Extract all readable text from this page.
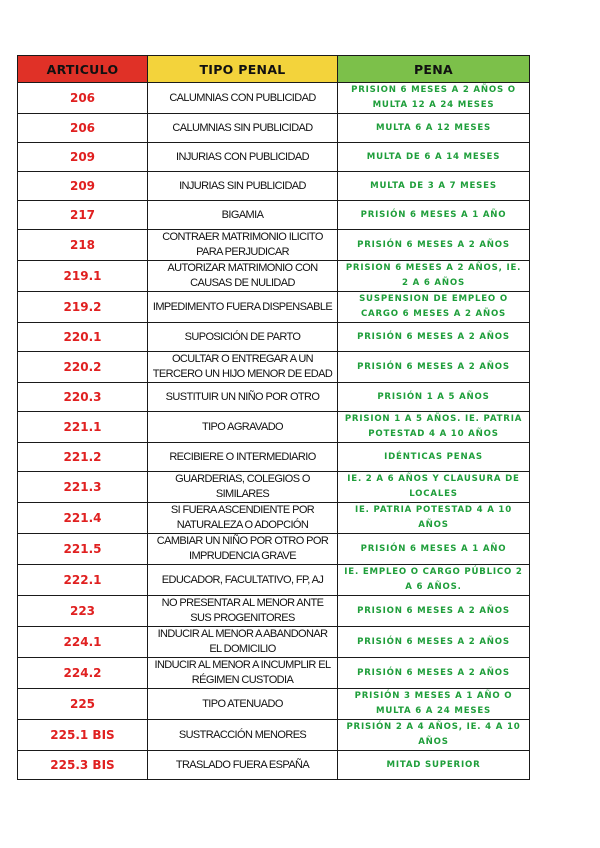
ARTICULO	TIPO PENAL	PENA
206	CALUMNIAS CON PUBLICIDAD	PRISION 6 MESES A 2 AÑOS O MULTA 12 A 24 MESES
206	CALUMNIAS SIN PUBLICIDAD	MULTA 6 A 12 MESES
209	INJURIAS CON PUBLICIDAD	MULTA DE 6 A 14 MESES
209	INJURIAS SIN PUBLICIDAD	MULTA DE 3 A 7 MESES
217	BIGAMIA	PRISIÓN 6 MESES A 1 AÑO
218	CONTRAER MATRIMONIO ILICITO PARA PERJUDICAR	PRISIÓN 6 MESES A 2 AÑOS
219.1	AUTORIZAR MATRIMONIO CON CAUSAS DE NULIDAD	PRISION 6 MESES A 2 AÑOS, IE. 2 A 6 AÑOS
219.2	IMPEDIMENTO FUERA DISPENSABLE	SUSPENSION DE EMPLEO O CARGO 6 MESES A 2 AÑOS
220.1	SUPOSICIÓN DE PARTO	PRISIÓN 6 MESES A 2 AÑOS
220.2	OCULTAR O ENTREGAR A UN TERCERO UN HIJO MENOR DE EDAD	PRISIÓN 6 MESES A 2 AÑOS
220.3	SUSTITUIR UN NIÑO POR OTRO	PRISIÓN 1 A 5 AÑOS
221.1	TIPO AGRAVADO	PRISION 1 A 5 AÑOS. IE. PATRIA POTESTAD 4 A 10 AÑOS
221.2	RECIBIERE O INTERMEDIARIO	IDÉNTICAS PENAS
221.3	GUARDERIAS, COLEGIOS O SIMILARES	IE. 2 A 6 AÑOS Y CLAUSURA DE LOCALES
221.4	SI FUERA ASCENDIENTE POR NATURALEZA O ADOPCIÓN	IE. PATRIA POTESTAD 4 A 10 AÑOS
221.5	CAMBIAR UN NIÑO POR OTRO POR IMPRUDENCIA GRAVE	PRISIÓN 6 MESES A 1 AÑO
222.1	EDUCADOR, FACULTATIVO, FP, AJ	IE. EMPLEO O CARGO PÚBLICO 2 A 6 AÑOS.
223	NO PRESENTAR AL MENOR ANTE SUS PROGENITORES	PRISION 6 MESES A 2 AÑOS
224.1	INDUCIR AL MENOR A ABANDONAR EL DOMICILIO	PRISIÓN 6 MESES A 2 AÑOS
224.2	INDUCIR AL MENOR A INCUMPLIR EL RÉGIMEN CUSTODIA	PRISIÓN 6 MESES A 2 AÑOS
225	TIPO ATENUADO	PRISIÓN 3 MESES A 1 AÑO O MULTA 6 A 24 MESES
225.1 BIS	SUSTRACCIÓN MENORES	PRISIÓN 2 A 4 AÑOS, IE. 4 A 10 AÑOS
225.3 BIS	TRASLADO FUERA ESPAÑA	MITAD SUPERIOR
